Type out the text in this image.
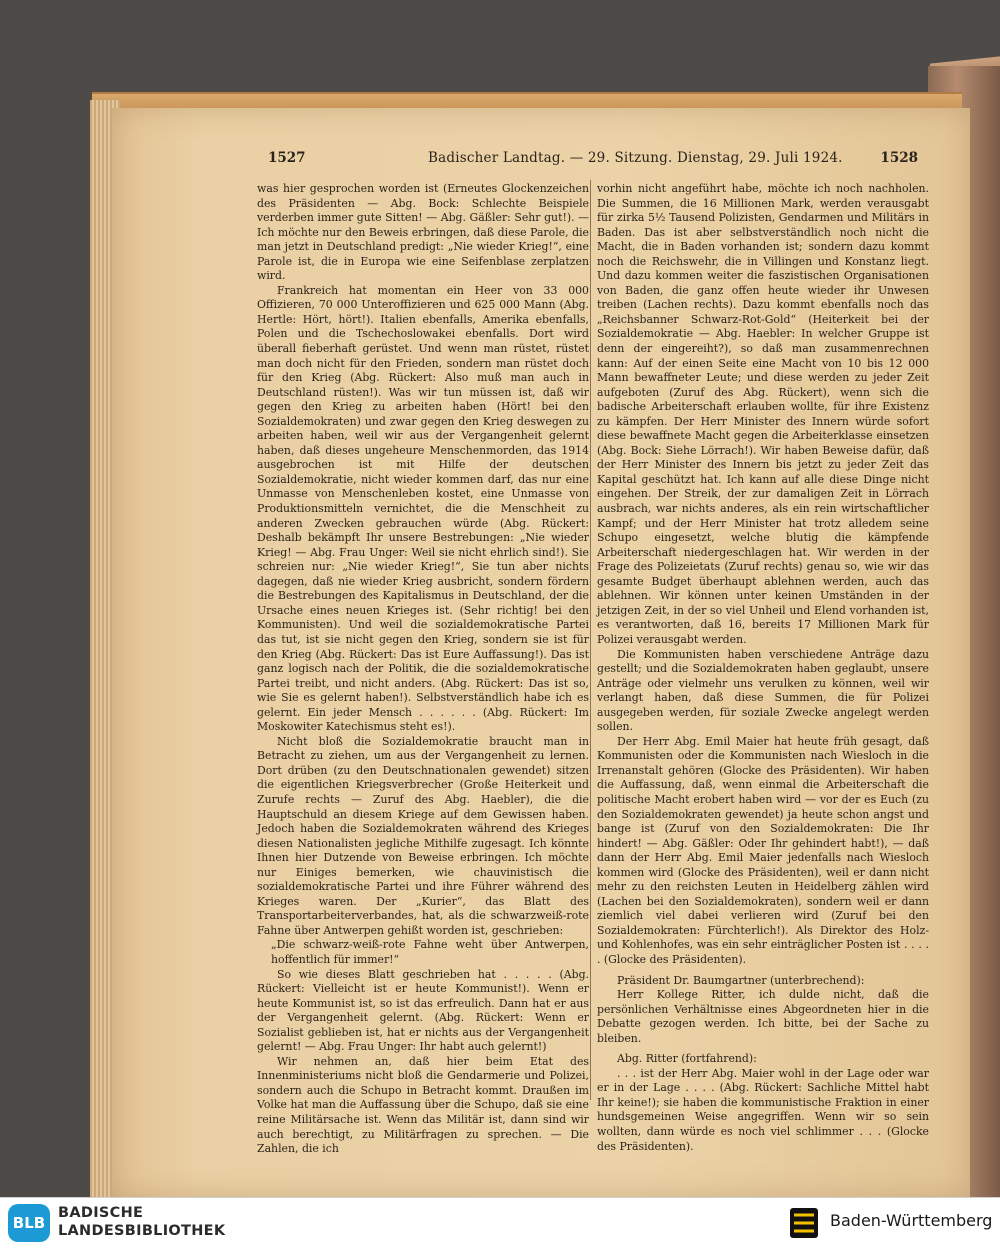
1527	Badischer Landtag. — 29. Sitzung. Dienstag, 29. Juli 1924.	1528

was hier gesprochen worden ist (Erneutes Glockenzeichen des Präsidenten — Abg. Bock: Schlechte Beispiele verderben immer gute Sitten! — Abg. Gäßler: Sehr gut!). — Ich möchte nur den Beweis erbringen, daß diese Parole, die man jetzt in Deutschland predigt: „Nie wieder Krieg!“, eine Parole ist, die in Europa wie eine Seifenblase zerplatzen wird.

Frankreich hat momentan ein Heer von 33 000 Offizieren, 70 000 Unteroffizieren und 625 000 Mann (Abg. Hertle: Hört, hört!). Italien ebenfalls, Amerika ebenfalls, Polen und die Tschechoslowakei ebenfalls. Dort wird überall fieberhaft gerüstet. Und wenn man rüstet, rüstet man doch nicht für den Frieden, sondern man rüstet doch für den Krieg (Abg. Rückert: Also muß man auch in Deutschland rüsten!). Was wir tun müssen ist, daß wir gegen den Krieg zu arbeiten haben (Hört! bei den Sozialdemokraten) und zwar gegen den Krieg deswegen zu arbeiten haben, weil wir aus der Vergangenheit gelernt haben, daß dieses ungeheure Menschenmorden, das 1914 ausgebrochen ist mit Hilfe der deutschen Sozialdemokratie, nicht wieder kommen darf, das nur eine Unmasse von Menschenleben kostet, eine Unmasse von Produktionsmitteln vernichtet, die die Menschheit zu anderen Zwecken gebrauchen würde (Abg. Rückert: Deshalb bekämpft Ihr unsere Bestrebungen: „Nie wieder Krieg! — Abg. Frau Unger: Weil sie nicht ehrlich sind!). Sie schreien nur: „Nie wieder Krieg!“, Sie tun aber nichts dagegen, daß nie wieder Krieg ausbricht, sondern fördern die Bestrebungen des Kapitalismus in Deutschland, der die Ursache eines neuen Krieges ist. (Sehr richtig! bei den Kommunisten). Und weil die sozialdemokratische Partei das tut, ist sie nicht gegen den Krieg, sondern sie ist für den Krieg (Abg. Rückert: Das ist Eure Auffassung!). Das ist ganz logisch nach der Politik, die die sozialdemokratische Partei treibt, und nicht anders. (Abg. Rückert: Das ist so, wie Sie es gelernt haben!). Selbstverständlich habe ich es gelernt. Ein jeder Mensch . . . . . . (Abg. Rückert: Im Moskowiter Katechismus steht es!).

Nicht bloß die Sozialdemokratie braucht man in Betracht zu ziehen, um aus der Vergangenheit zu lernen. Dort drüben (zu den Deutschnationalen gewendet) sitzen die eigentlichen Kriegsverbrecher (Große Heiterkeit und Zurufe rechts — Zuruf des Abg. Haebler), die die Hauptschuld an diesem Kriege auf dem Gewissen haben. Jedoch haben die Sozialdemokraten während des Krieges diesen Nationalisten jegliche Mithilfe zugesagt. Ich könnte Ihnen hier Dutzende von Beweise erbringen. Ich möchte nur Einiges bemerken, wie chauvinistisch die sozialdemokratische Partei und ihre Führer während des Krieges waren. Der „Kurier“, das Blatt des Transportarbeiterverbandes, hat, als die schwarzweiß-rote Fahne über Antwerpen gehißt worden ist, geschrieben:

„Die schwarz-weiß-rote Fahne weht über Antwerpen, hoffentlich für immer!“

So wie dieses Blatt geschrieben hat . . . . . (Abg. Rückert: Vielleicht ist er heute Kommunist!). Wenn er heute Kommunist ist, so ist das erfreulich. Dann hat er aus der Vergangenheit gelernt. (Abg. Rückert: Wenn er Sozialist geblieben ist, hat er nichts aus der Vergangenheit gelernt! — Abg. Frau Unger: Ihr habt auch gelernt!)

Wir nehmen an, daß hier beim Etat des Innenministeriums nicht bloß die Gendarmerie und Polizei, sondern auch die Schupo in Betracht kommt. Draußen im Volke hat man die Auffassung über die Schupo, daß sie eine reine Militärsache ist. Wenn das Militär ist, dann sind wir auch berechtigt, zu Militärfragen zu sprechen. — Die Zahlen, die ich

vorhin nicht angeführt habe, möchte ich noch nachholen. Die Summen, die 16 Millionen Mark, werden verausgabt für zirka 5½ Tausend Polizisten, Gendarmen und Militärs in Baden. Das ist aber selbstverständlich noch nicht die Macht, die in Baden vorhanden ist; sondern dazu kommt noch die Reichswehr, die in Villingen und Konstanz liegt. Und dazu kommen weiter die faszistischen Organisationen von Baden, die ganz offen heute wieder ihr Unwesen treiben (Lachen rechts). Dazu kommt ebenfalls noch das „Reichsbanner Schwarz-Rot-Gold“ (Heiterkeit bei der Sozialdemokratie — Abg. Haebler: In welcher Gruppe ist denn der eingereiht?), so daß man zusammenrechnen kann: Auf der einen Seite eine Macht von 10 bis 12 000 Mann bewaffneter Leute; und diese werden zu jeder Zeit aufgeboten (Zuruf des Abg. Rückert), wenn sich die badische Arbeiterschaft erlauben wollte, für ihre Existenz zu kämpfen. Der Herr Minister des Innern würde sofort diese bewaffnete Macht gegen die Arbeiterklasse einsetzen (Abg. Bock: Siehe Lörrach!). Wir haben Beweise dafür, daß der Herr Minister des Innern bis jetzt zu jeder Zeit das Kapital geschützt hat. Ich kann auf alle diese Dinge nicht eingehen. Der Streik, der zur damaligen Zeit in Lörrach ausbrach, war nichts anderes, als ein rein wirtschaftlicher Kampf; und der Herr Minister hat trotz alledem seine Schupo eingesetzt, welche blutig die kämpfende Arbeiterschaft niedergeschlagen hat. Wir werden in der Frage des Polizeietats (Zuruf rechts) genau so, wie wir das gesamte Budget überhaupt ablehnen werden, auch das ablehnen. Wir können unter keinen Umständen in der jetzigen Zeit, in der so viel Unheil und Elend vorhanden ist, es verantworten, daß 16, bereits 17 Millionen Mark für Polizei verausgabt werden.

Die Kommunisten haben verschiedene Anträge dazu gestellt; und die Sozialdemokraten haben geglaubt, unsere Anträge oder vielmehr uns verulken zu können, weil wir verlangt haben, daß diese Summen, die für Polizei ausgegeben werden, für soziale Zwecke angelegt werden sollen.

Der Herr Abg. Emil Maier hat heute früh gesagt, daß Kommunisten oder die Kommunisten nach Wiesloch in die Irrenanstalt gehören (Glocke des Präsidenten). Wir haben die Auffassung, daß, wenn einmal die Arbeiterschaft die politische Macht erobert haben wird — vor der es Euch (zu den Sozialdemokraten gewendet) ja heute schon angst und bange ist (Zuruf von den Sozialdemokraten: Die Ihr hindert! — Abg. Gäßler: Oder Ihr gehindert habt!), — daß dann der Herr Abg. Emil Maier jedenfalls nach Wiesloch kommen wird (Glocke des Präsidenten), weil er dann nicht mehr zu den reichsten Leuten in Heidelberg zählen wird (Lachen bei den Sozialdemokraten), sondern weil er dann ziemlich viel dabei verlieren wird (Zuruf bei den Sozialdemokraten: Fürchterlich!). Als Direktor des Holz- und Kohlenhofes, was ein sehr einträglicher Posten ist . . . . . (Glocke des Präsidenten).

Präsident Dr. Baumgartner (unterbrechend):

Herr Kollege Ritter, ich dulde nicht, daß die persönlichen Verhältnisse eines Abgeordneten hier in die Debatte gezogen werden. Ich bitte, bei der Sache zu bleiben.

Abg. Ritter (fortfahrend):

. . . ist der Herr Abg. Maier wohl in der Lage oder war er in der Lage . . . . (Abg. Rückert: Sachliche Mittel habt Ihr keine!); sie haben die kommunistische Fraktion in einer hundsgemeinen Weise angegriffen. Wenn wir so sein wollten, dann würde es noch viel schlimmer . . . (Glocke des Präsidenten).

BLB
BADISCHE
LANDESBIBLIOTHEK
Baden-Württemberg
